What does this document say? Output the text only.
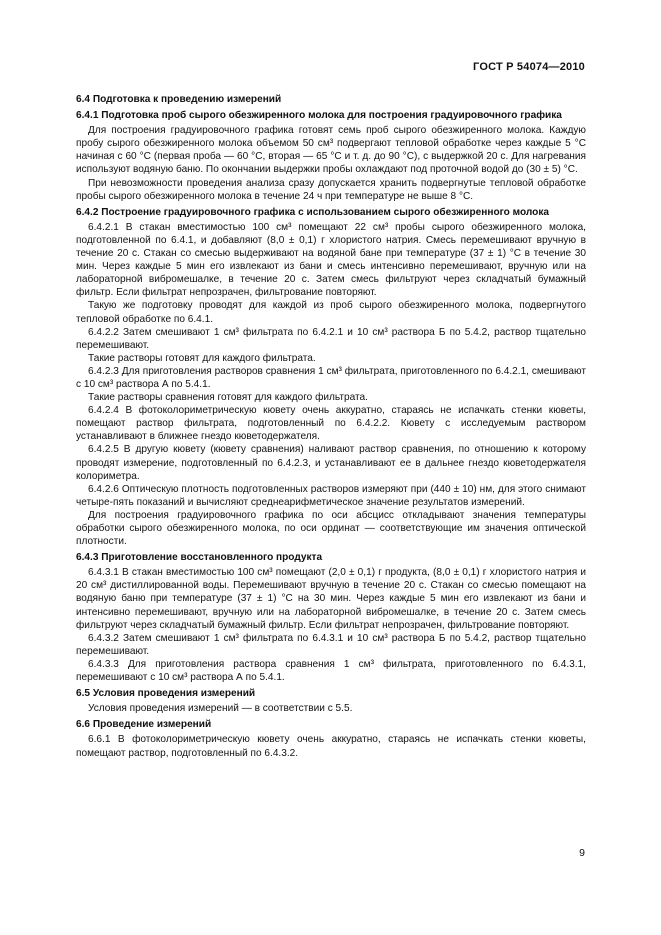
ГОСТ Р 54074—2010
6.4 Подготовка к проведению измерений
6.4.1 Подготовка проб сырого обезжиренного молока для построения градуировочного графика

Для построения градуировочного графика готовят семь проб сырого обезжиренного молока. Каждую пробу сырого обезжиренного молока объемом 50 см³ подвергают тепловой обработке через каждые 5 °С начиная с 60 °С (первая проба — 60 °С, вторая — 65 °С и т. д. до 90 °С), с выдержкой 20 с. Для нагревания используют водяную баню. По окончании выдержки пробы охлаждают под проточной водой до (30 ± 5) °С.

При невозможности проведения анализа сразу допускается хранить подвергнутые тепловой обработке пробы сырого обезжиренного молока в течение 24 ч при температуре не выше 8 °С.

6.4.2 Построение градуировочного графика с использованием сырого обезжиренного молока

6.4.2.1 В стакан вместимостью 100 см³ помещают 22 см³ пробы сырого обезжиренного молока, подготовленной по 6.4.1, и добавляют (8,0 ± 0,1) г хлористого натрия. Смесь перемешивают вручную в течение 20 с. Стакан со смесью выдерживают на водяной бане при температуре (37 ± 1) °С в течение 30 мин. Через каждые 5 мин его извлекают из бани и смесь интенсивно перемешивают, вручную или на лабораторной вибромешалке, в течение 20 с. Затем смесь фильтруют через складчатый бумажный фильтр. Если фильтрат непрозрачен, фильтрование повторяют.

Такую же подготовку проводят для каждой из проб сырого обезжиренного молока, подвергнутого тепловой обработке по 6.4.1.

6.4.2.2 Затем смешивают 1 см³ фильтрата по 6.4.2.1 и 10 см³ раствора Б по 5.4.2, раствор тщательно перемешивают.

Такие растворы готовят для каждого фильтрата.

6.4.2.3 Для приготовления растворов сравнения 1 см³ фильтрата, приготовленного по 6.4.2.1, смешивают с 10 см³ раствора А по 5.4.1.

Такие растворы сравнения готовят для каждого фильтрата.

6.4.2.4 В фотоколориметрическую кювету очень аккуратно, стараясь не испачкать стенки кюветы, помещают раствор фильтрата, подготовленный по 6.4.2.2. Кювету с исследуемым раствором устанавливают в ближнее гнездо кюветодержателя.

6.4.2.5 В другую кювету (кювету сравнения) наливают раствор сравнения, по отношению к которому проводят измерение, подготовленный по 6.4.2.3, и устанавливают ее в дальнее гнездо кюветодержателя колориметра.

6.4.2.6 Оптическую плотность подготовленных растворов измеряют при (440 ± 10) нм, для этого снимают четыре-пять показаний и вычисляют среднеарифметическое значение результатов измерений.

Для построения градуировочного графика по оси абсцисс откладывают значения температуры обработки сырого обезжиренного молока, по оси ординат — соответствующие им значения оптической плотности.

6.4.3 Приготовление восстановленного продукта

6.4.3.1 В стакан вместимостью 100 см³ помещают (2,0 ± 0,1) г продукта, (8,0 ± 0,1) г хлористого натрия и 20 см³ дистиллированной воды. Перемешивают вручную в течение 20 с. Стакан со смесью помещают на водяную баню при температуре (37 ± 1) °С на 30 мин. Через каждые 5 мин его извлекают из бани и интенсивно перемешивают, вручную или на лабораторной вибромешалке, в течение 20 с. Затем смесь фильтруют через складчатый бумажный фильтр. Если фильтрат непрозрачен, фильтрование повторяют.

6.4.3.2 Затем смешивают 1 см³ фильтрата по 6.4.3.1 и 10 см³ раствора Б по 5.4.2, раствор тщательно перемешивают.

6.4.3.3 Для приготовления раствора сравнения 1 см³ фильтрата, приготовленного по 6.4.3.1, перемешивают с 10 см³ раствора А по 5.4.1.

6.5 Условия проведения измерений

Условия проведения измерений — в соответствии с 5.5.

6.6 Проведение измерений

6.6.1 В фотоколориметрическую кювету очень аккуратно, стараясь не испачкать стенки кюветы, помещают раствор, подготовленный по 6.4.3.2.

9
